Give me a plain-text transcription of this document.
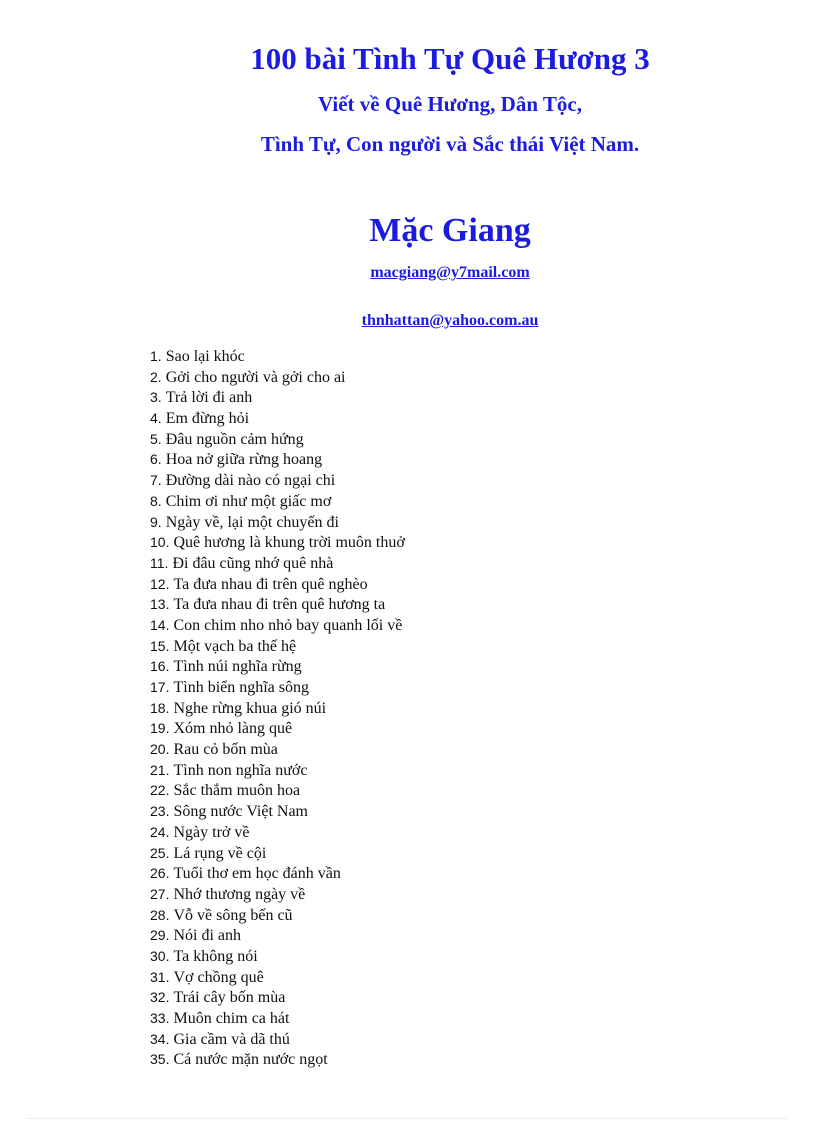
100 bài Tình Tự Quê Hương 3
Viết về Quê Hương, Dân Tộc,
Tình Tự, Con người và Sắc thái Việt Nam.
Mặc Giang
macgiang@y7mail.com
thnhattan@yahoo.com.au
1. Sao lại khóc
2. Gởi cho người và gởi cho ai
3. Trả lời đi anh
4. Em đừng hỏi
5. Đâu nguồn cảm hứng
6. Hoa nở giữa rừng hoang
7. Đường dài nào có ngại chi
8. Chim ơi như một giấc mơ
9. Ngày về, lại một chuyến đi
10. Quê hương là khung trời muôn thuở
11. Đi đâu cũng nhớ quê nhà
12. Ta đưa nhau đi trên quê nghèo
13. Ta đưa nhau đi trên quê hương ta
14. Con chim nho nhỏ bay quanh lối về
15. Một vạch ba thế hệ
16. Tình núi nghĩa rừng
17. Tình biển nghĩa sông
18. Nghe rừng khua gió núi
19. Xóm nhỏ làng quê
20. Rau cỏ bốn mùa
21. Tình non nghĩa nước
22. Sắc thắm muôn hoa
23. Sông nước Việt Nam
24. Ngày trở về
25. Lá rụng về cội
26. Tuổi thơ em học đánh vần
27. Nhớ thương ngày về
28. Vỗ về sông bến cũ
29. Nói đi anh
30. Ta không nói
31. Vợ chồng quê
32. Trái cây bốn mùa
33. Muôn chim ca hát
34. Gia cầm và dã thú
35. Cá nước mặn nước ngọt
